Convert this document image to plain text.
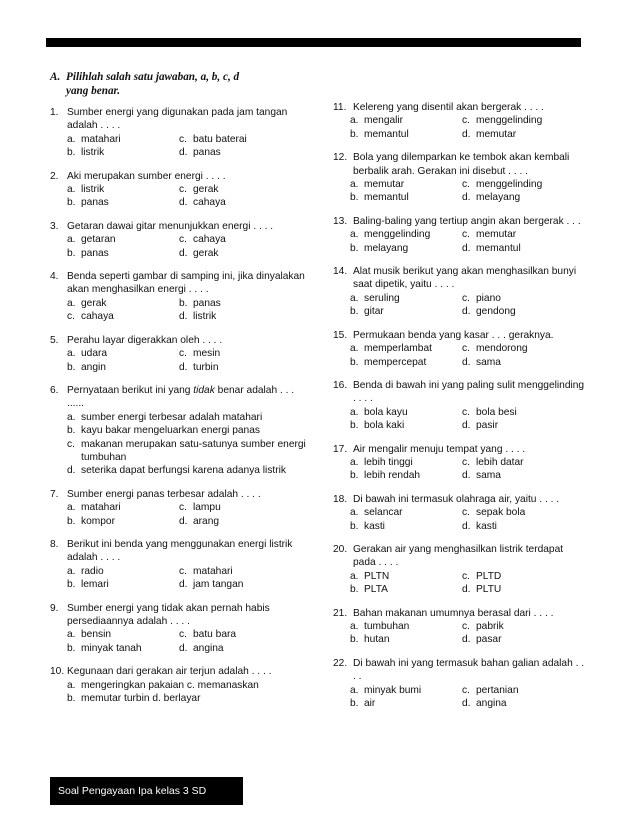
A. Pilihlah salah satu jawaban, a, b, c, d
yang benar.
1. Sumber energi yang digunakan pada jam tangan adalah . . . .
a. matahari	c. batu baterai
b. listrik	d. panas
2. Aki merupakan sumber energi . . . .
a. listrik	c. gerak
b. panas	d. cahaya
3. Getaran dawai gitar menunjukkan energi . . . .
a. getaran	c. cahaya
b. panas	d. gerak
4. Benda seperti gambar di samping ini, jika dinyalakan akan menghasilkan energi . . . .
a. gerak	b. panas
c. cahaya	d. listrik
5. Perahu layar digerakkan oleh . . . .
a. udara	c. mesin
b. angin	d. turbin
6. Pernyataan berikut ini yang tidak benar adalah . . . ......
a. sumber energi terbesar adalah matahari
b. kayu bakar mengeluarkan energi panas
c. makanan merupakan satu-satunya sumber energi tumbuhan
d. seterika dapat berfungsi karena adanya listrik
7. Sumber energi panas terbesar adalah . . . .
a. matahari	c. lampu
b. kompor	d. arang
8. Berikut ini benda yang menggunakan energi listrik adalah . . . .
a. radio	c. matahari
b. lemari	d. jam tangan
9. Sumber energi yang tidak akan pernah habis persediaannya adalah . . . .
a. bensin	c. batu bara
b. minyak tanah	d. angina
10. Kegunaan dari gerakan air terjun adalah . . . .
a. mengeringkan pakaian c. memanaskan
b. memutar turbin d. berlayar
11. Kelereng yang disentil akan bergerak . . . .
a. mengalir	c. menggelinding
b. memantul	d. memutar
12. Bola yang dilemparkan ke tembok akan kembali berbalik arah. Gerakan ini disebut . . . .
a. memutar	c. menggelinding
b. memantul	d. melayang
13. Baling-baling yang tertiup angin akan bergerak . . .
a. menggelinding	c. memutar
b. melayang	d. memantul
14. Alat musik berikut yang akan menghasilkan bunyi saat dipetik, yaitu . . . .
a. seruling	c. piano
b. gitar	d. gendong
15. Permukaan benda yang kasar . . . geraknya.
a. memperlambat	c. mendorong
b. mempercepat	d. sama
16. Benda di bawah ini yang paling sulit menggelinding . . . .
a. bola kayu	c. bola besi
b. bola kaki	d. pasir
17. Air mengalir menuju tempat yang . . . .
a. lebih tinggi	c. lebih datar
b. lebih rendah	d. sama
18. Di bawah ini termasuk olahraga air, yaitu . . . .
a. selancar	c. sepak bola
b. kasti	d. kasti
20. Gerakan air yang menghasilkan listrik terdapat pada . . . .
a. PLTN	c. PLTD
b. PLTA	d. PLTU
21. Bahan makanan umumnya berasal dari . . . .
a. tumbuhan	c. pabrik
b. hutan	d. pasar
22. Di bawah ini yang termasuk bahan galian adalah . . . .
a. minyak bumi	c. pertanian
b. air	d. angina
Soal Pengayaan Ipa kelas 3 SD
